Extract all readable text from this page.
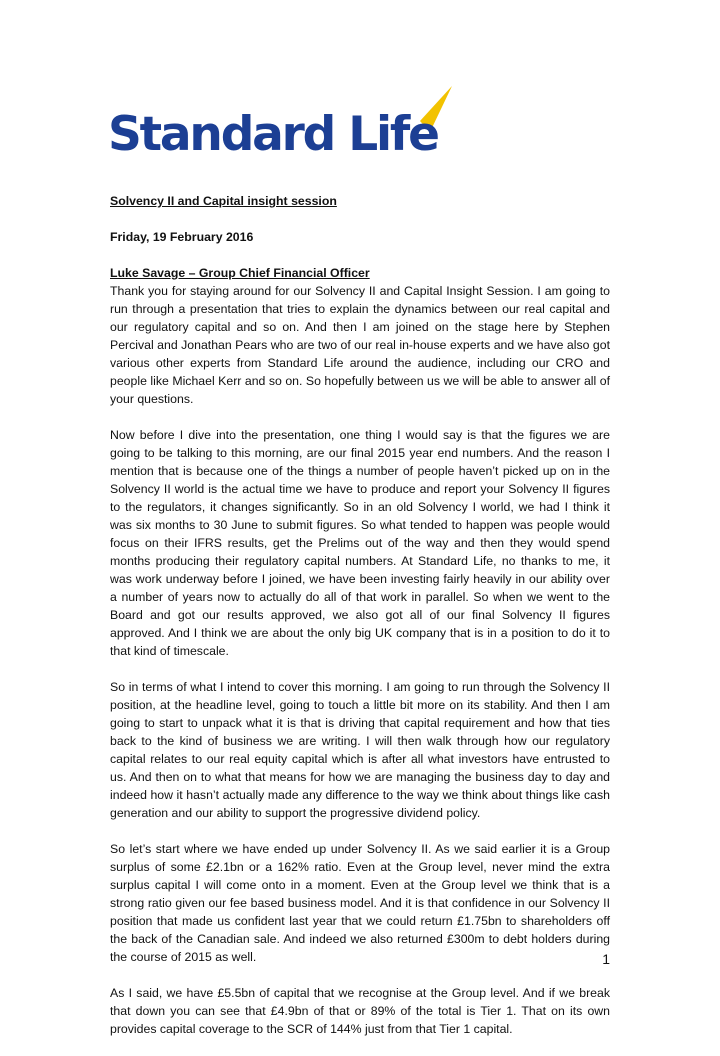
Standard Life
Solvency II and Capital insight session
Friday, 19 February 2016
Luke Savage – Group Chief Financial Officer

Thank you for staying around for our Solvency II and Capital Insight Session. I am going to run through a presentation that tries to explain the dynamics between our real capital and our regulatory capital and so on. And then I am joined on the stage here by Stephen Percival and Jonathan Pears who are two of our real in-house experts and we have also got various other experts from Standard Life around the audience, including our CRO and people like Michael Kerr and so on. So hopefully between us we will be able to answer all of your questions.

Now before I dive into the presentation, one thing I would say is that the figures we are going to be talking to this morning, are our final 2015 year end numbers. And the reason I mention that is because one of the things a number of people haven’t picked up on in the Solvency II world is the actual time we have to produce and report your Solvency II figures to the regulators, it changes significantly. So in an old Solvency I world, we had I think it was six months to 30 June to submit figures. So what tended to happen was people would focus on their IFRS results, get the Prelims out of the way and then they would spend months producing their regulatory capital numbers. At Standard Life, no thanks to me, it was work underway before I joined, we have been investing fairly heavily in our ability over a number of years now to actually do all of that work in parallel. So when we went to the Board and got our results approved, we also got all of our final Solvency II figures approved. And I think we are about the only big UK company that is in a position to do it to that kind of timescale.

So in terms of what I intend to cover this morning. I am going to run through the Solvency II position, at the headline level, going to touch a little bit more on its stability. And then I am going to start to unpack what it is that is driving that capital requirement and how that ties back to the kind of business we are writing. I will then walk through how our regulatory capital relates to our real equity capital which is after all what investors have entrusted to us. And then on to what that means for how we are managing the business day to day and indeed how it hasn’t actually made any difference to the way we think about things like cash generation and our ability to support the progressive dividend policy.

So let’s start where we have ended up under Solvency II. As we said earlier it is a Group surplus of some £2.1bn or a 162% ratio. Even at the Group level, never mind the extra surplus capital I will come onto in a moment. Even at the Group level we think that is a strong ratio given our fee based business model. And it is that confidence in our Solvency II position that made us confident last year that we could return £1.75bn to shareholders off the back of the Canadian sale. And indeed we also returned £300m to debt holders during the course of 2015 as well.

As I said, we have £5.5bn of capital that we recognise at the Group level. And if we break that down you can see that £4.9bn of that or 89% of the total is Tier 1. That on its own provides capital coverage to the SCR of 144% just from that Tier 1 capital.

1
